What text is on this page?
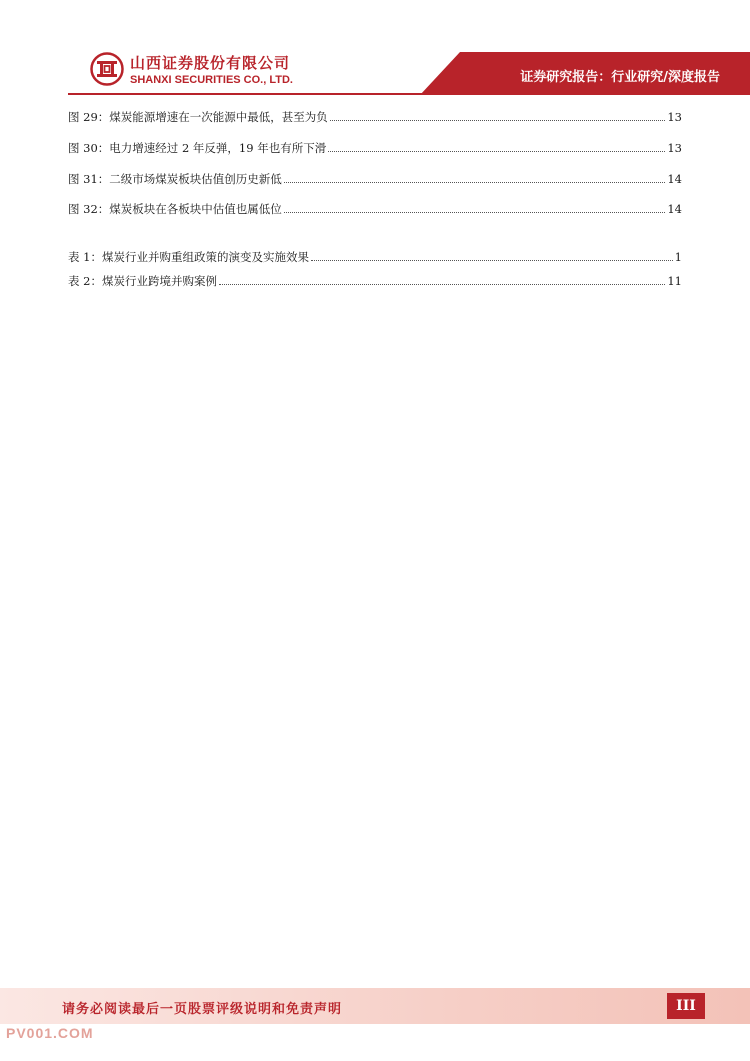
山西证券股份有限公司
SHANXI SECURITIES CO., LTD.	证券研究报告：行业研究/深度报告
图 29：煤炭能源增速在一次能源中最低，甚至为负	13
图 30：电力增速经过 2 年反弹，19 年也有所下滑	13
图 31：二级市场煤炭板块估值创历史新低	14
图 32：煤炭板块在各板块中估值也属低位	14
表 1：煤炭行业并购重组政策的演变及实施效果	1
表 2：煤炭行业跨境并购案例	11
请务必阅读最后一页股票评级说明和免责声明	III
PV001.COM
